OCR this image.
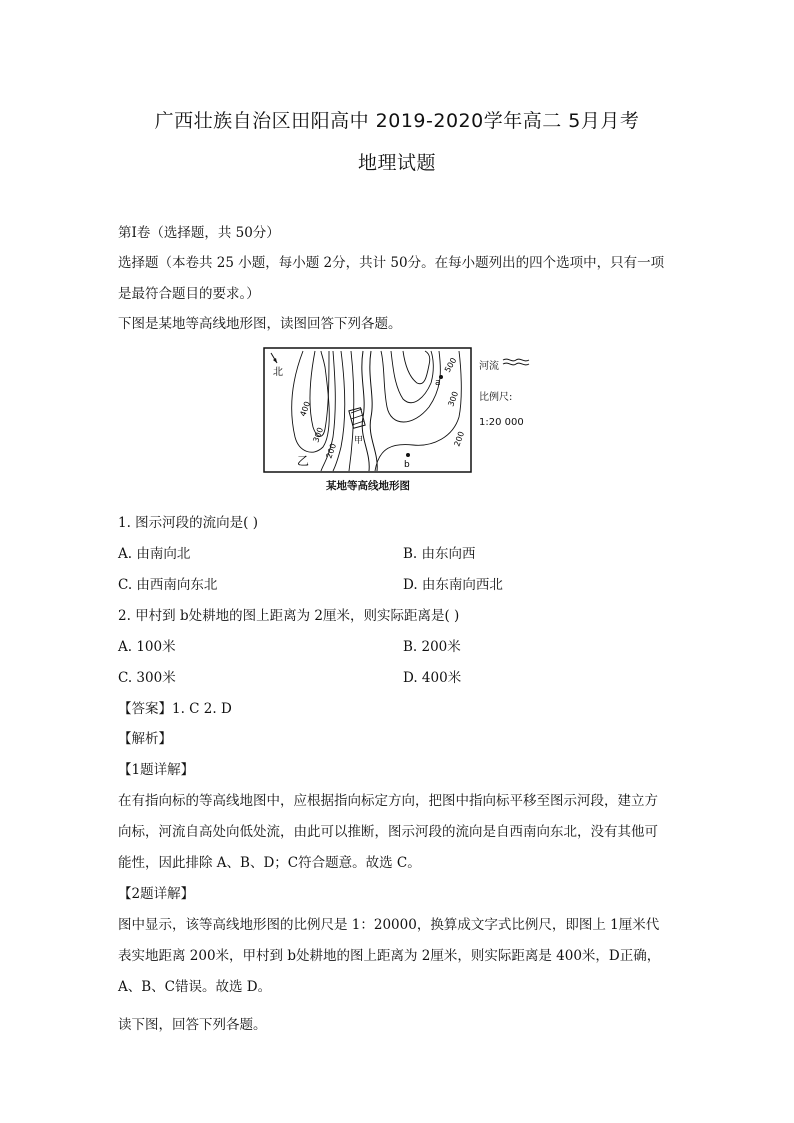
广西壮族自治区田阳高中 2019-2020学年高二 5月月考
地理试题
第Ⅰ卷（选择题，共 50分）
选择题（本卷共 25 小题，每小题 2分，共计 50分。在每小题列出的四个选项中，只有一项
是最符合题目的要求。）
下图是某地等高线地形图，读图回答下列各题。
北
a
b
甲
乙
500
400
300
300
200
200
河流
比例尺:
1:20 000
某地等高线地形图
1. 图示河段的流向是( )
A. 由南向北	B. 由东向西
C. 由西南向东北	D. 由东南向西北
2. 甲村到 b处耕地的图上距离为 2厘米，则实际距离是( )
A. 100米	B. 200米
C. 300米	D. 400米
【答案】1. C 2. D
【解析】
【1题详解】
在有指向标的等高线地图中，应根据指向标定方向，把图中指向标平移至图示河段，建立方
向标，河流自高处向低处流，由此可以推断，图示河段的流向是自西南向东北，没有其他可
能性，因此排除 A、B、D；C符合题意。故选 C。
【2题详解】
图中显示，该等高线地形图的比例尺是 1：20000，换算成文字式比例尺，即图上 1厘米代
表实地距离 200米，甲村到 b处耕地的图上距离为 2厘米，则实际距离是 400米，D正确，
A、B、C错误。故选 D。
读下图，回答下列各题。
